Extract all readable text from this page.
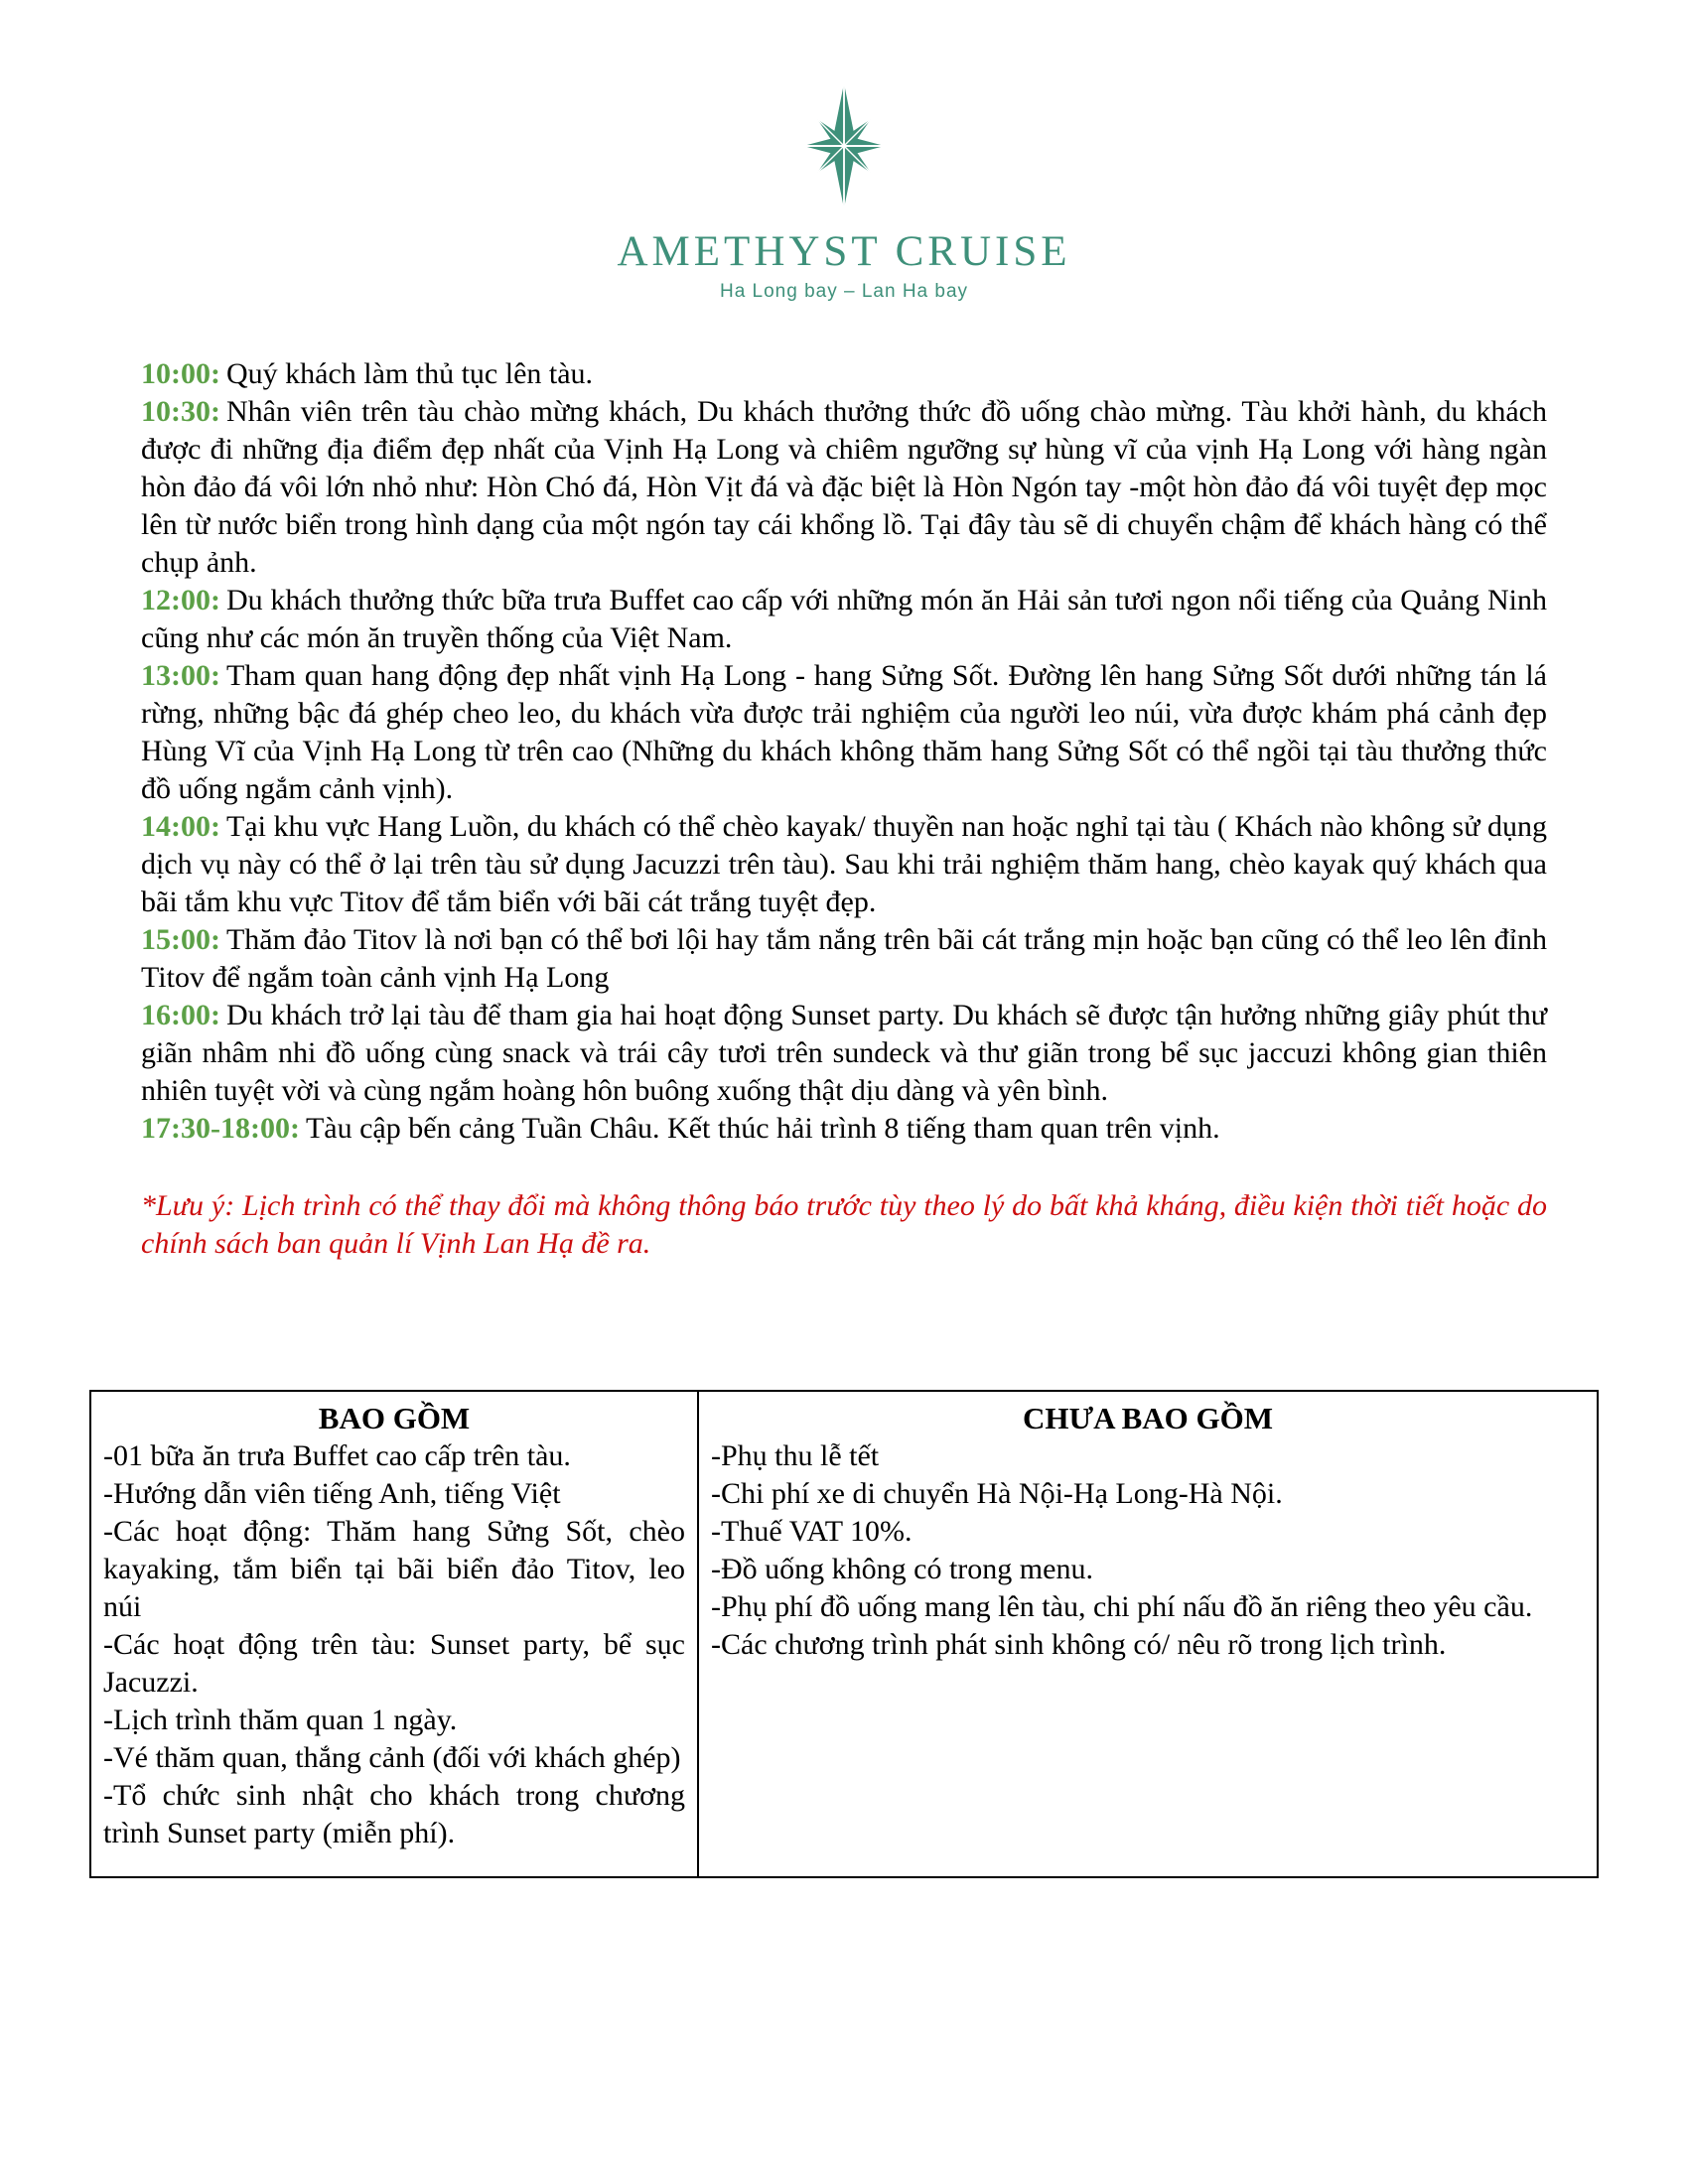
AMETHYST CRUISE
Ha Long bay – Lan Ha bay

10:00: Quý khách làm thủ tục lên tàu.

10:30: Nhân viên trên tàu chào mừng khách, Du khách thưởng thức đồ uống chào mừng. Tàu khởi hành, du khách được đi những địa điểm đẹp nhất của Vịnh Hạ Long và chiêm ngưỡng sự hùng vĩ của vịnh Hạ Long với hàng ngàn hòn đảo đá vôi lớn nhỏ như: Hòn Chó đá, Hòn Vịt đá và đặc biệt là Hòn Ngón tay -một hòn đảo đá vôi tuyệt đẹp mọc lên từ nước biển trong hình dạng của một ngón tay cái khổng lồ. Tại đây tàu sẽ di chuyển chậm để khách hàng có thể chụp ảnh.

12:00: Du khách thưởng thức bữa trưa Buffet cao cấp với những món ăn Hải sản tươi ngon nổi tiếng của Quảng Ninh cũng như các món ăn truyền thống của Việt Nam.

13:00: Tham quan hang động đẹp nhất vịnh Hạ Long - hang Sửng Sốt. Đường lên hang Sửng Sốt dưới những tán lá rừng, những bậc đá ghép cheo leo, du khách vừa được trải nghiệm của người leo núi, vừa được khám phá cảnh đẹp Hùng Vĩ của Vịnh Hạ Long từ trên cao (Những du khách không thăm hang Sửng Sốt có thể ngồi tại tàu thưởng thức đồ uống ngắm cảnh vịnh).

14:00: Tại khu vực Hang Luồn, du khách có thể chèo kayak/ thuyền nan hoặc nghỉ tại tàu ( Khách nào không sử dụng dịch vụ này có thể ở lại trên tàu sử dụng Jacuzzi trên tàu). Sau khi trải nghiệm thăm hang, chèo kayak quý khách qua bãi tắm khu vực Titov để tắm biển với bãi cát trắng tuyệt đẹp.

15:00: Thăm đảo Titov là nơi bạn có thể bơi lội hay tắm nắng trên bãi cát trắng mịn hoặc bạn cũng có thể leo lên đỉnh Titov để ngắm toàn cảnh vịnh Hạ Long

16:00: Du khách trở lại tàu để tham gia hai hoạt động Sunset party. Du khách sẽ được tận hưởng những giây phút thư giãn nhâm nhi đồ uống cùng snack và trái cây tươi trên sundeck và thư giãn trong bể sục jaccuzi không gian thiên nhiên tuyệt vời và cùng ngắm hoàng hôn buông xuống thật dịu dàng và yên bình.

17:30-18:00: Tàu cập bến cảng Tuần Châu. Kết thúc hải trình 8 tiếng tham quan trên vịnh.

*Lưu ý: Lịch trình có thể thay đổi mà không thông báo trước tùy theo lý do bất khả kháng, điều kiện thời tiết hoặc do chính sách ban quản lí Vịnh Lan Hạ đề ra.

BAO GỒM

-01 bữa ăn trưa Buffet cao cấp trên tàu.
-Hướng dẫn viên tiếng Anh, tiếng Việt
-Các hoạt động: Thăm hang Sửng Sốt, chèo kayaking, tắm biển tại bãi biển đảo Titov, leo núi
-Các hoạt động trên tàu: Sunset party, bể sục Jacuzzi.
-Lịch trình thăm quan 1 ngày.
-Vé thăm quan, thắng cảnh (đối với khách ghép)
-Tổ chức sinh nhật cho khách trong chương trình Sunset party (miễn phí).

CHƯA BAO GỒM

-Phụ thu lễ tết
-Chi phí xe di chuyển Hà Nội-Hạ Long-Hà Nội.
-Thuế VAT 10%.
-Đồ uống không có trong menu.
-Phụ phí đồ uống mang lên tàu, chi phí nấu đồ ăn riêng theo yêu cầu.
-Các chương trình phát sinh không có/ nêu rõ trong lịch trình.
